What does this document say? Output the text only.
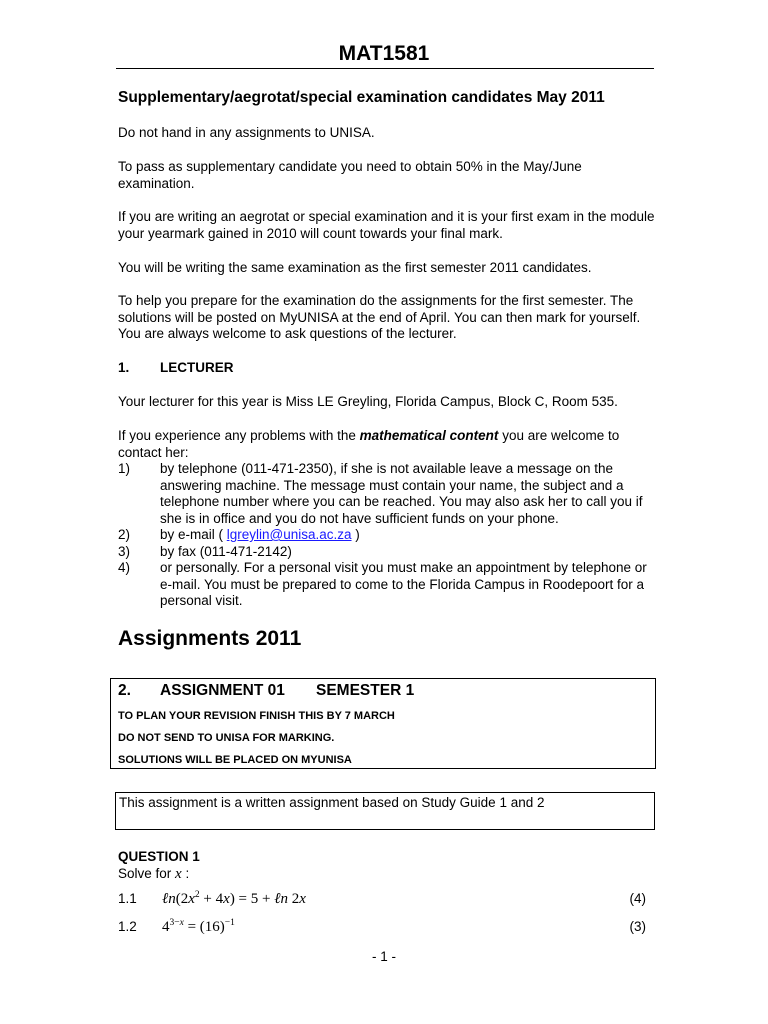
MAT1581
Supplementary/aegrotat/special examination candidates May 2011

Do not hand in any assignments to UNISA.

To pass as supplementary candidate you need to obtain 50% in the May/June examination.

If you are writing an aegrotat or special examination and it is your first exam in the module your yearmark gained in 2010 will count towards your final mark.

You will be writing the same examination as the first semester 2011 candidates.

To help you prepare for the examination do the assignments for the first semester. The solutions will be posted on MyUNISA at the end of April. You can then mark for yourself. You are always welcome to ask questions of the lecturer.

1. LECTURER

Your lecturer for this year is Miss LE Greyling, Florida Campus, Block C, Room 535.

If you experience any problems with the mathematical content you are welcome to contact her:

1)	by telephone (011-471-2350), if she is not available leave a message on the answering machine. The message must contain your name, the subject and a telephone number where you can be reached. You may also ask her to call you if she is in office and you do not have sufficient funds on your phone.
2)	by e-mail ( lgreylin@unisa.ac.za )
3)	by fax (011-471-2142)
4)	or personally. For a personal visit you must make an appointment by telephone or e-mail. You must be prepared to come to the Florida Campus in Roodepoort for a personal visit.
Assignments 2011
2. ASSIGNMENT 01 SEMESTER 1
TO PLAN YOUR REVISION FINISH THIS BY 7 MARCH
DO NOT SEND TO UNISA FOR MARKING.
SOLUTIONS WILL BE PLACED ON MYUNISA
This assignment is a written assignment based on Study Guide 1 and 2
QUESTION 1
Solve for x :
1.1	$\ell n(2x^2 + 4x) = 5$ + ℓn 2x	(4)
1.2	$4^{3-x} = (16)^{-1}$	(3)
- 1 -
